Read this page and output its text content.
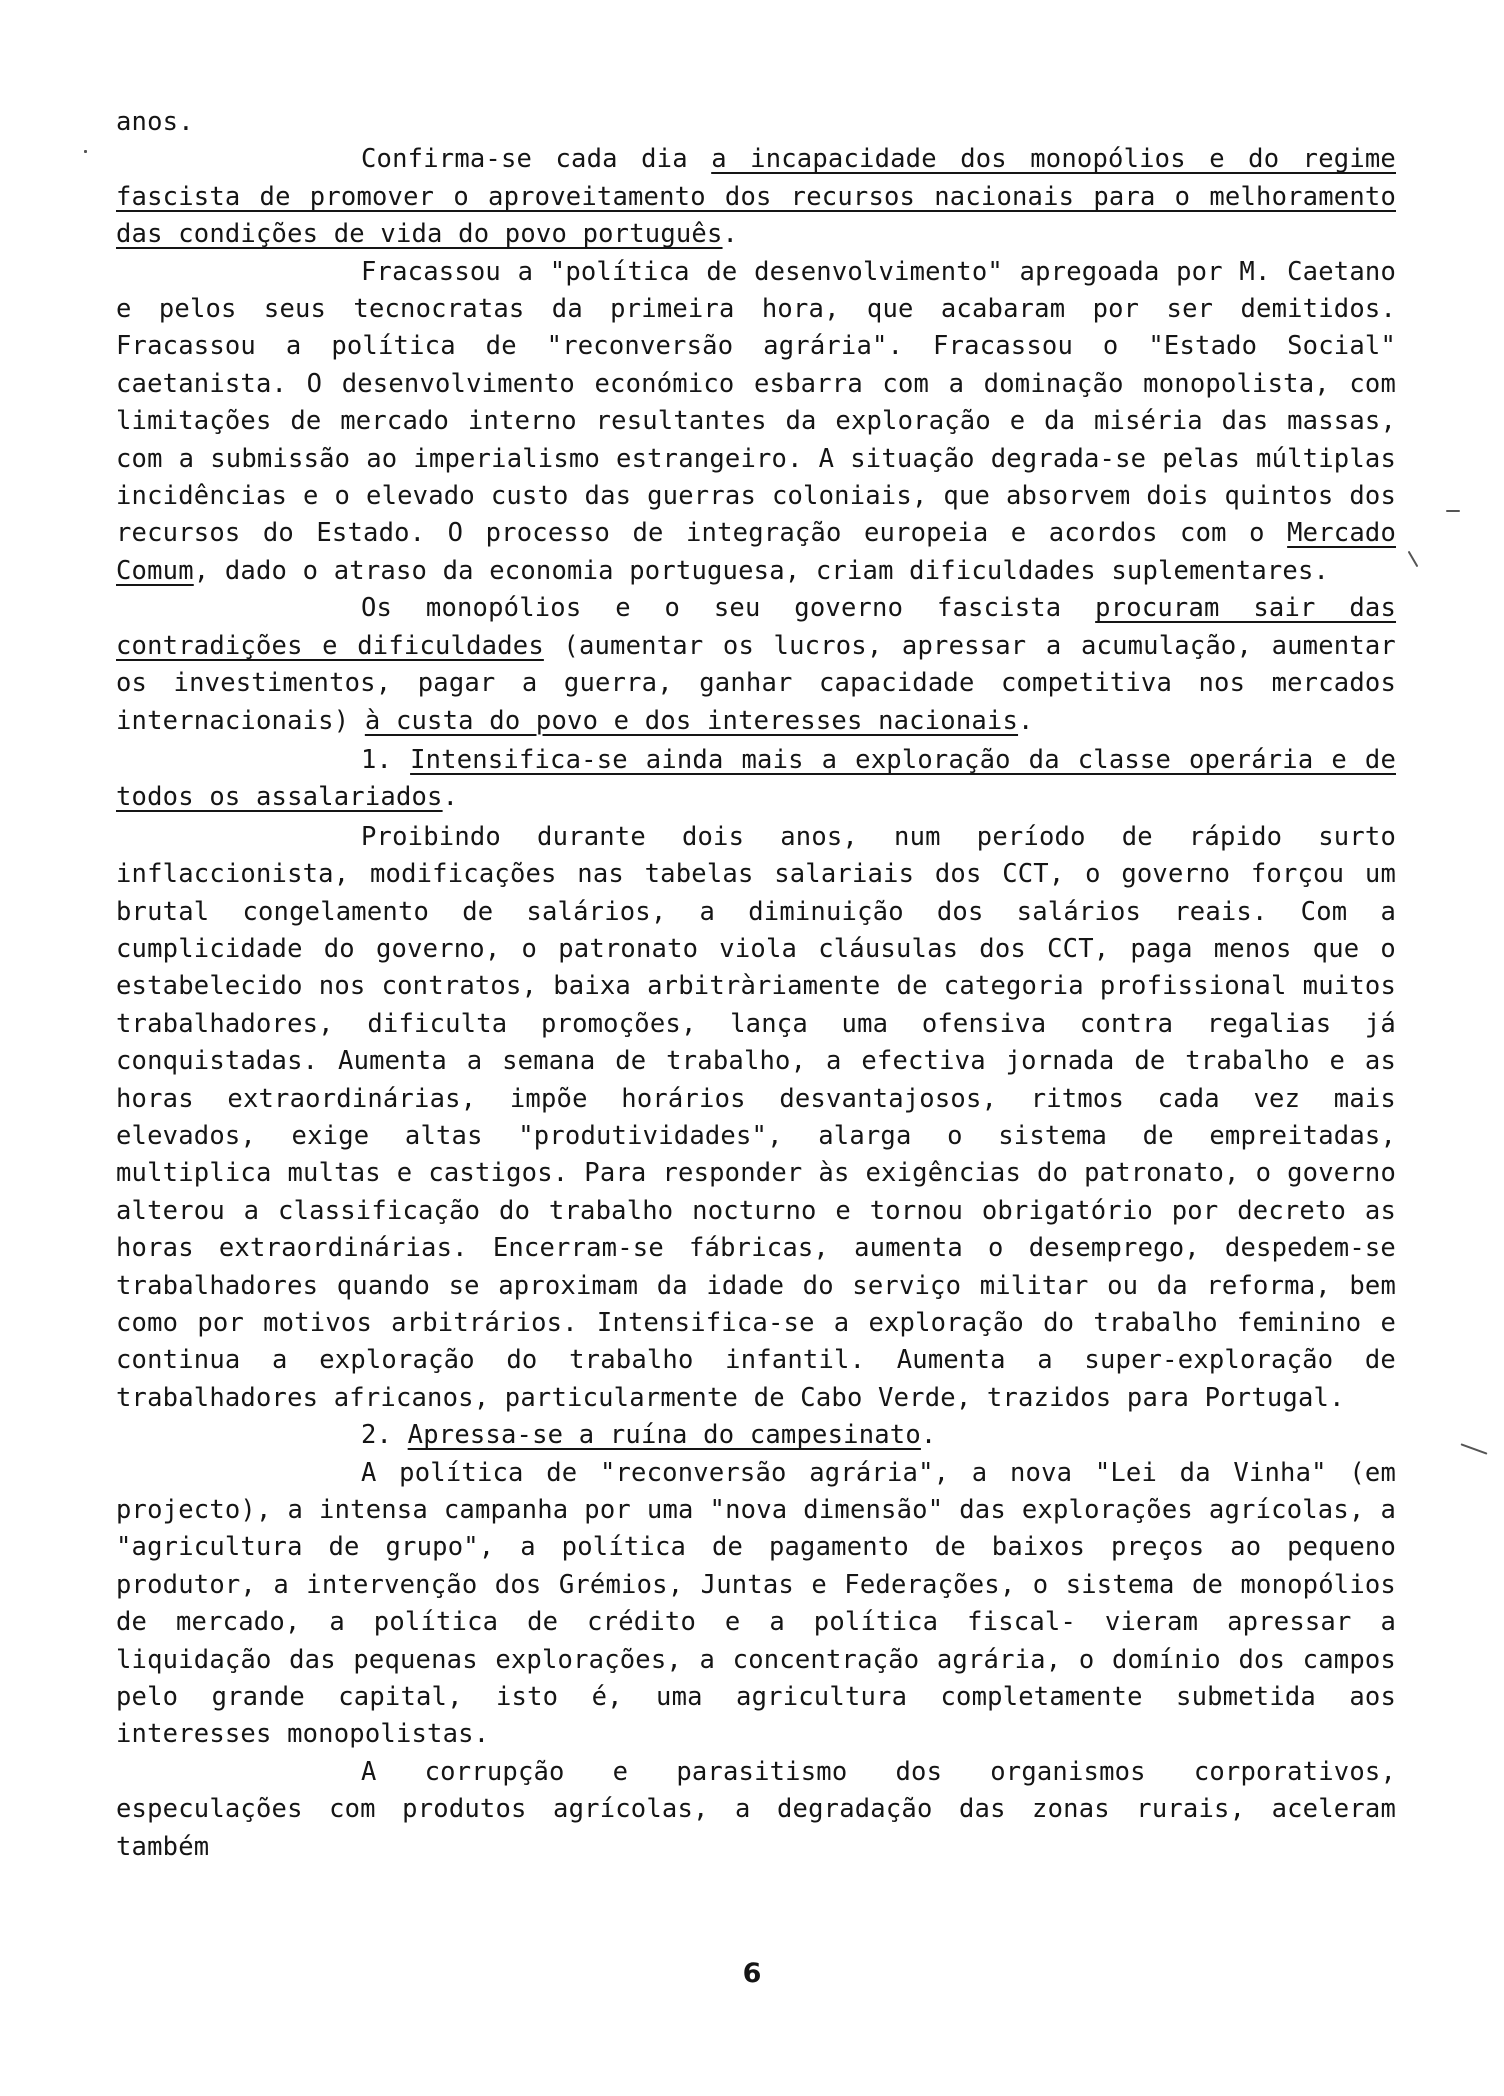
anos.

Confirma-se cada dia a incapacidade dos monopólios e do regime fascista de promover o aproveitamento dos recursos nacionais para o melhoramento das condições de vida do povo português.

Fracassou a "política de desenvolvimento" apregoada por M. Caetano e pelos seus tecnocratas da primeira hora, que acabaram por ser demitidos. Fracassou a política de "reconversão agrária". Fracassou o "Estado Social" caetanista. O desenvolvimento económico esbarra com a dominação monopolista, com limitações de mercado interno resultantes da exploração e da miséria das massas, com a submissão ao imperialismo estrangeiro. A situação degrada-se pelas múltiplas incidências e o elevado custo das guerras coloniais, que absorvem dois quintos dos recursos do Estado. O processo de integração europeia e acordos com o Mercado Comum, dado o atraso da economia portuguesa, criam dificuldades suplementares.

Os monopólios e o seu governo fascista procuram sair das contradições e dificuldades (aumentar os lucros, apressar a acumulação, aumentar os investimentos, pagar a guerra, ganhar capacidade competitiva nos mercados internacionais) à custa do povo e dos interesses nacionais.

1. Intensifica-se ainda mais a exploração da classe operária e de todos os assalariados.

Proibindo durante dois anos, num período de rápido surto inflaccionista, modificações nas tabelas salariais dos CCT, o governo forçou um brutal congelamento de salários, a diminuição dos salários reais. Com a cumplicidade do governo, o patronato viola cláusulas dos CCT, paga menos que o estabelecido nos contratos, baixa arbitràriamente de categoria profissional muitos trabalhadores, dificulta promoções, lança uma ofensiva contra regalias já conquistadas. Aumenta a semana de trabalho, a efectiva jornada de trabalho e as horas extraordinárias, impõe horários desvantajosos, ritmos cada vez mais elevados, exige altas "produtividades", alarga o sistema de empreitadas, multiplica multas e castigos. Para responder às exigências do patronato, o governo alterou a classificação do trabalho nocturno e tornou obrigatório por decreto as horas extraordinárias. Encerram-se fábricas, aumenta o desemprego, despedem-se trabalhadores quando se aproximam da idade do serviço militar ou da reforma, bem como por motivos arbitrários. Intensifica-se a exploração do trabalho feminino e continua a exploração do trabalho infantil. Aumenta a super-exploração de trabalhadores africanos, particularmente de Cabo Verde, trazidos para Portugal.

2. Apressa-se a ruína do campesinato.

A política de "reconversão agrária", a nova "Lei da Vinha" (em projecto), a intensa campanha por uma "nova dimensão" das explorações agrícolas, a "agricultura de grupo", a política de pagamento de baixos preços ao pequeno produtor, a intervenção dos Grémios, Juntas e Federações, o sistema de monopólios de mercado, a política de crédito e a política fiscal- vieram apressar a liquidação das pequenas explorações, a concentração agrária, o domínio dos campos pelo grande capital, isto é, uma agricultura completamente submetida aos interesses monopolistas.

A corrupção e parasitismo dos organismos corporativos, especulações com produtos agrícolas, a degradação das zonas rurais, aceleram também

6
